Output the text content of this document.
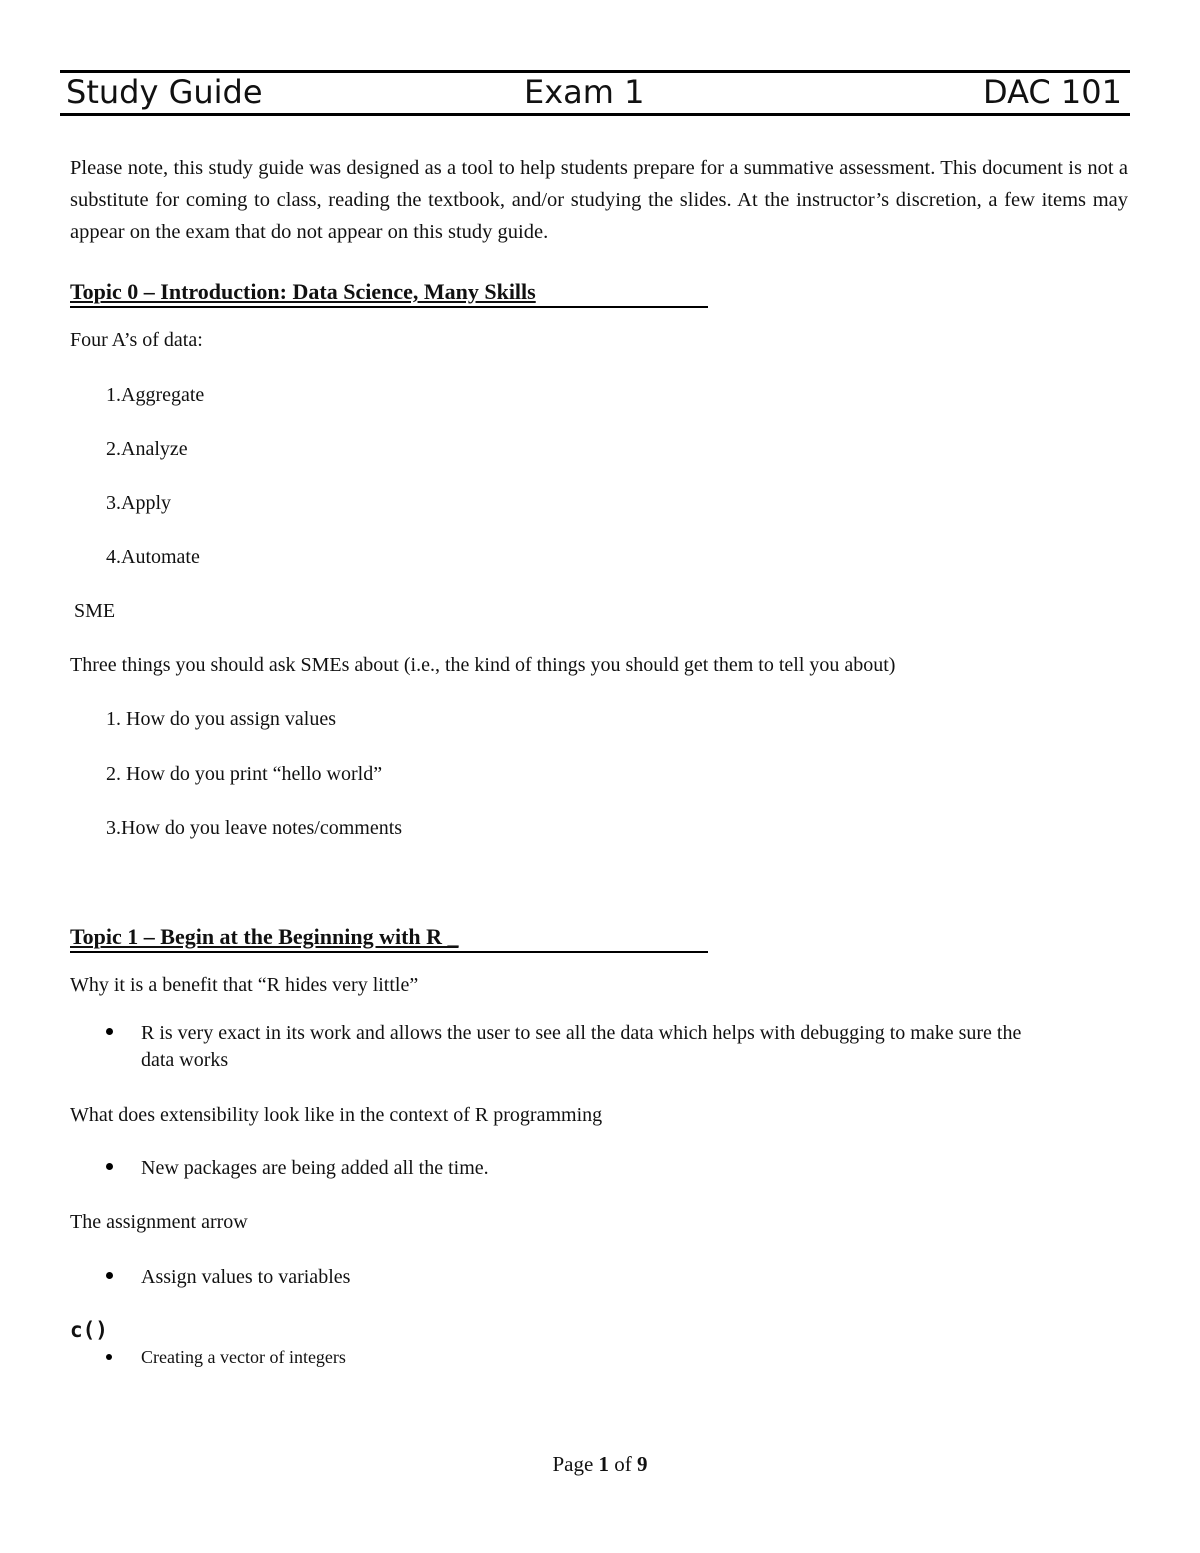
Study Guide	Exam 1	DAC 101
Please note, this study guide was designed as a tool to help students prepare for a summative assessment. This document is not a substitute for coming to class, reading the textbook, and/or studying the slides. At the instructor’s discretion, a few items may appear on the exam that do not appear on this study guide.
Topic 0 – Introduction: Data Science, Many Skills
Four A’s of data:
1.Aggregate
2.Analyze
3.Apply
4.Automate
SME
Three things you should ask SMEs about (i.e., the kind of things you should get them to tell you about)
1. How do you assign values
2. How do you print “hello world”
3.How do you leave notes/comments
Topic 1 – Begin at the Beginning with R _
Why it is a benefit that “R hides very little”
R is very exact in its work and allows the user to see all the data which helps with debugging to make sure the
data works
What does extensibility look like in the context of R programming
New packages are being added all the time.
The assignment arrow
Assign values to variables
c()
Creating a vector of integers
Page 1 of 9
